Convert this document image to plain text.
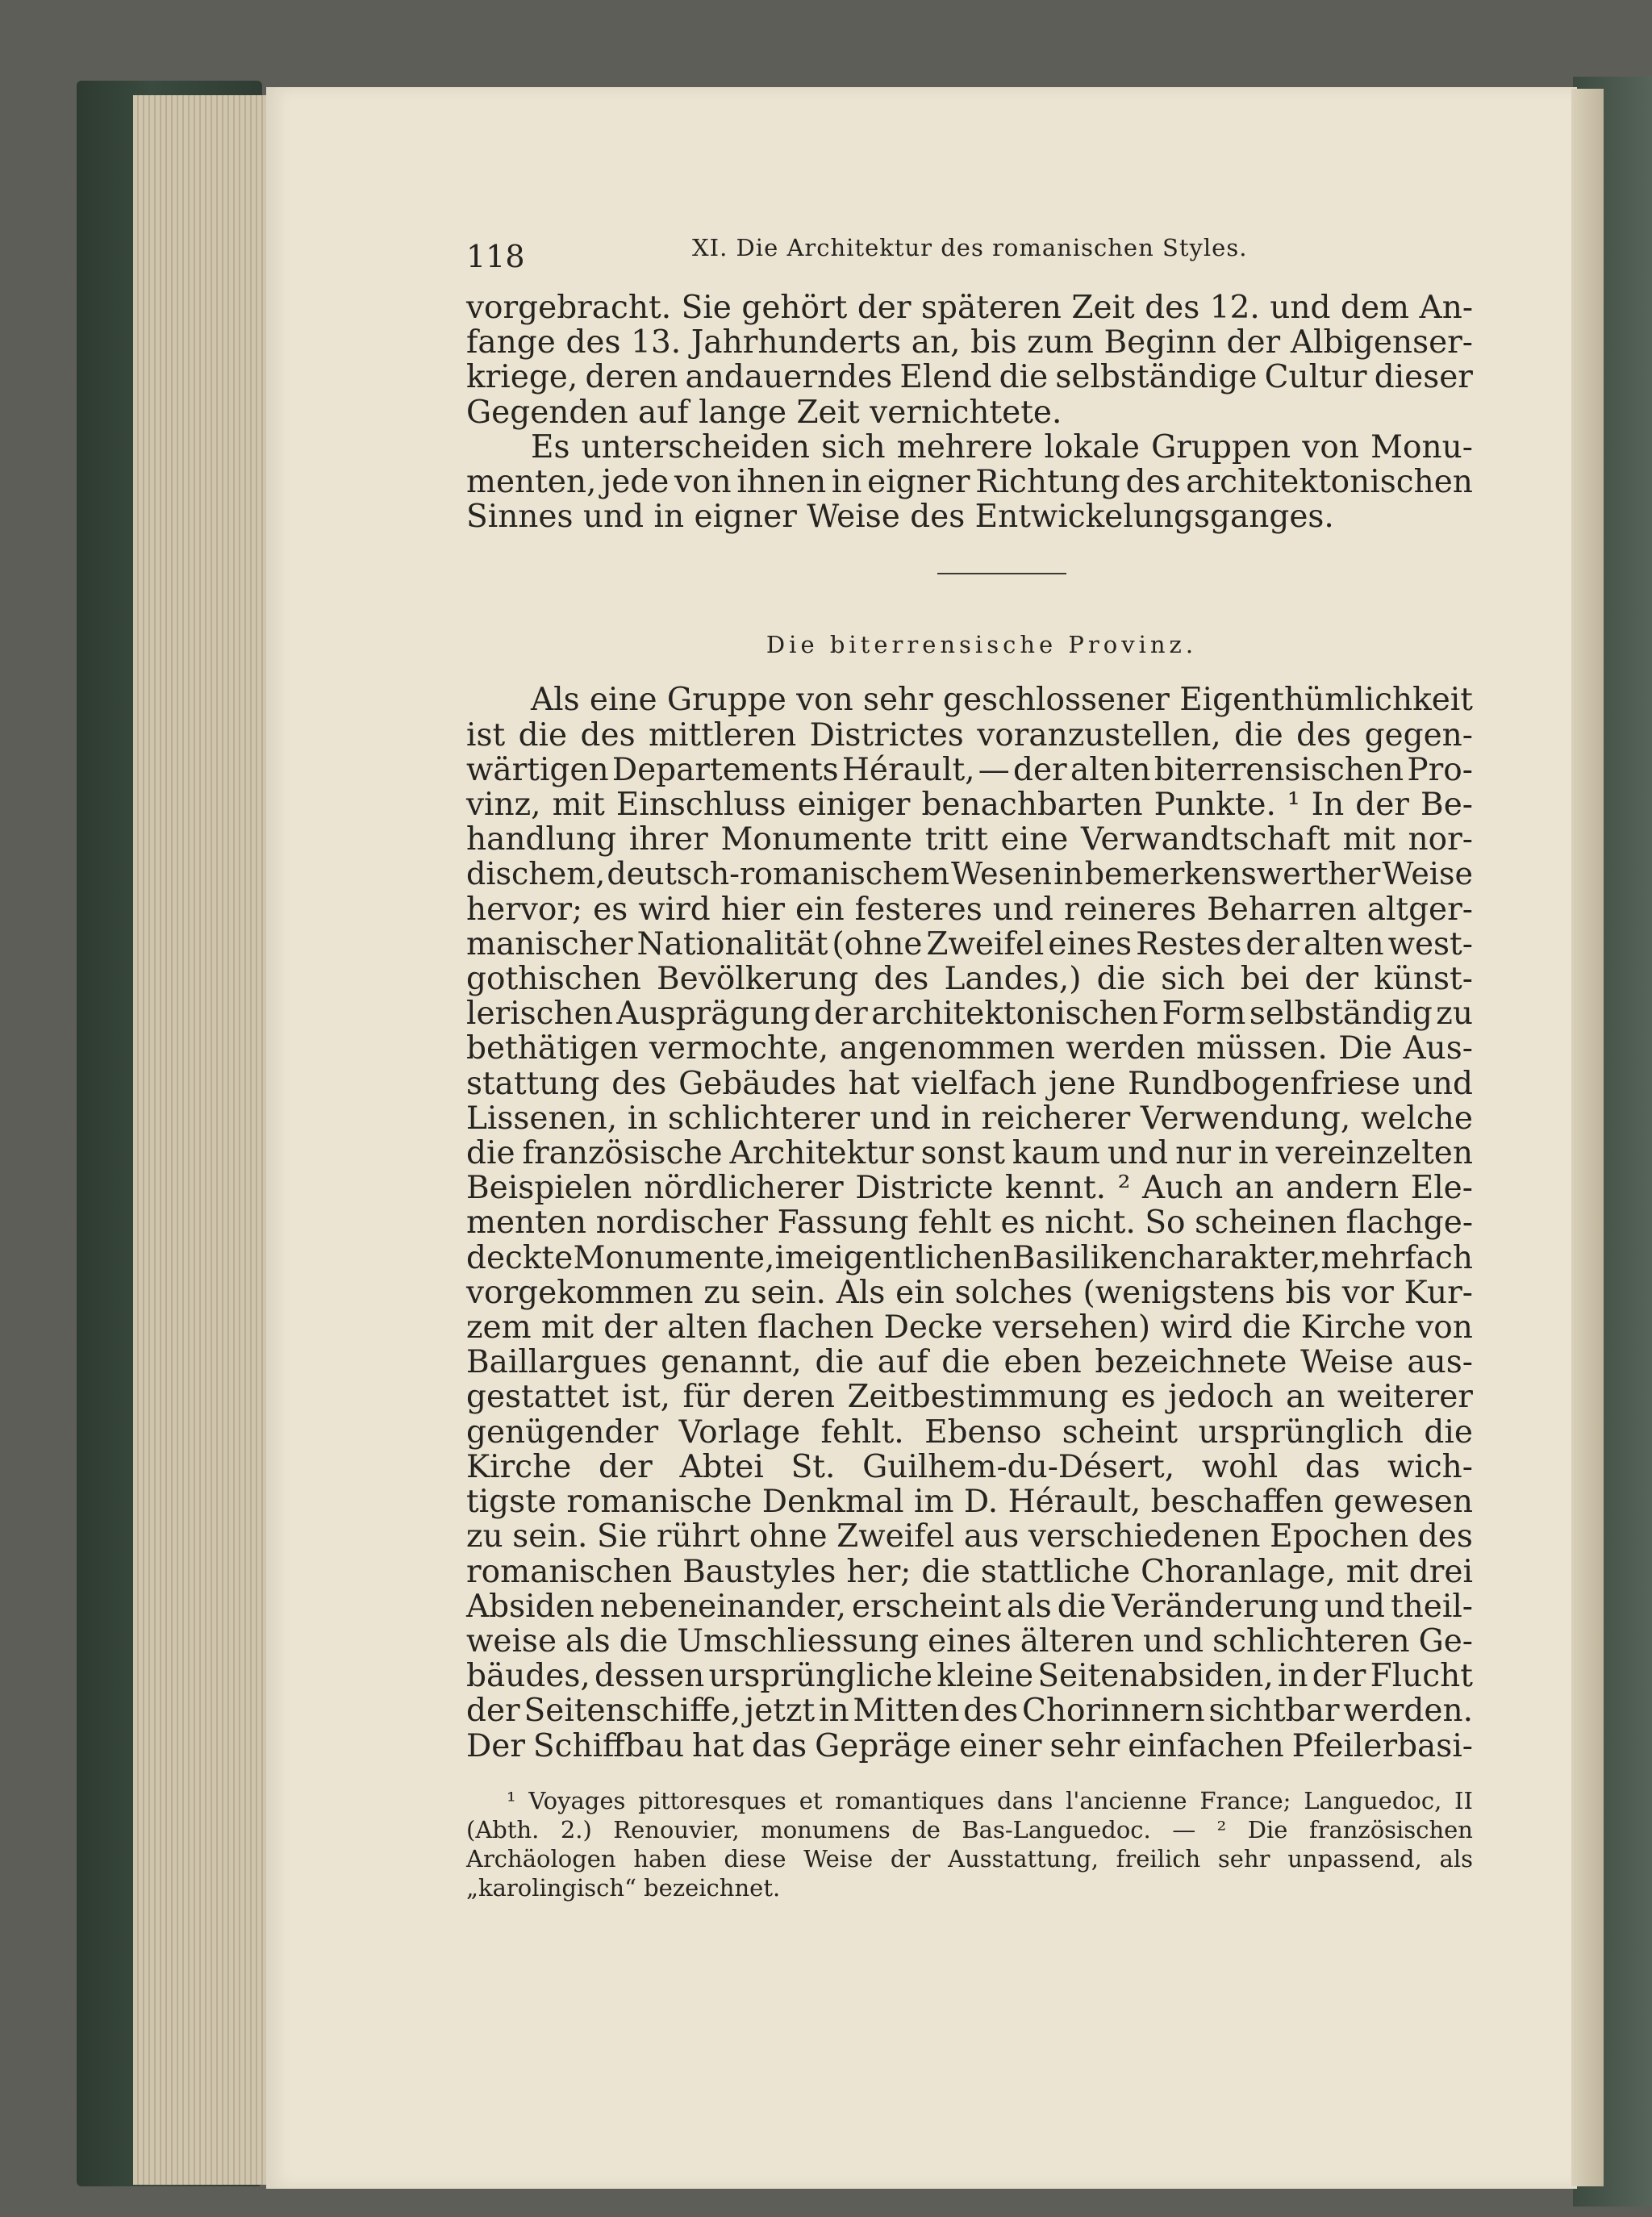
118	XI. Die Architektur des romanischen Styles.
vorgebracht. Sie gehört der späteren Zeit des 12. und dem An-
fange des 13. Jahrhunderts an, bis zum Beginn der Albigenser-
kriege, deren andauerndes Elend die selbständige Cultur dieser
Gegenden auf lange Zeit vernichtete.
Es unterscheiden sich mehrere lokale Gruppen von Monu-
menten, jede von ihnen in eigner Richtung des architektonischen
Sinnes und in eigner Weise des Entwickelungsganges.
Die biterrensische Provinz.
Als eine Gruppe von sehr geschlossener Eigenthümlichkeit
ist die des mittleren Districtes voranzustellen, die des gegen-
wärtigen Departements Hérault, — der alten biterrensischen Pro-
vinz, mit Einschluss einiger benachbarten Punkte. ¹ In der Be-
handlung ihrer Monumente tritt eine Verwandtschaft mit nor-
dischem, deutsch-romanischem Wesen in bemerkenswerther Weise
hervor; es wird hier ein festeres und reineres Beharren altger-
manischer Nationalität (ohne Zweifel eines Restes der alten west-
gothischen Bevölkerung des Landes,) die sich bei der künst-
lerischen Ausprägung der architektonischen Form selbständig zu
bethätigen vermochte, angenommen werden müssen. Die Aus-
stattung des Gebäudes hat vielfach jene Rundbogenfriese und
Lissenen, in schlichterer und in reicherer Verwendung, welche
die französische Architektur sonst kaum und nur in vereinzelten
Beispielen nördlicherer Districte kennt. ² Auch an andern Ele-
menten nordischer Fassung fehlt es nicht. So scheinen flachge-
deckte Monumente, im eigentlichen Basilikencharakter, mehrfach
vorgekommen zu sein. Als ein solches (wenigstens bis vor Kur-
zem mit der alten flachen Decke versehen) wird die Kirche von
Baillargues genannt, die auf die eben bezeichnete Weise aus-
gestattet ist, für deren Zeitbestimmung es jedoch an weiterer
genügender Vorlage fehlt. Ebenso scheint ursprünglich die
Kirche der Abtei St. Guilhem-du-Désert, wohl das wich-
tigste romanische Denkmal im D. Hérault, beschaffen gewesen
zu sein. Sie rührt ohne Zweifel aus verschiedenen Epochen des
romanischen Baustyles her; die stattliche Choranlage, mit drei
Absiden nebeneinander, erscheint als die Veränderung und theil-
weise als die Umschliessung eines älteren und schlichteren Ge-
bäudes, dessen ursprüngliche kleine Seitenabsiden, in der Flucht
der Seitenschiffe, jetzt in Mitten des Chorinnern sichtbar werden.
Der Schiffbau hat das Gepräge einer sehr einfachen Pfeilerbasi-
¹ Voyages pittoresques et romantiques dans l'ancienne France; Languedoc, II
(Abth. 2.) Renouvier, monumens de Bas-Languedoc. — ² Die französischen
Archäologen haben diese Weise der Ausstattung, freilich sehr unpassend, als
„karolingisch“ bezeichnet.
